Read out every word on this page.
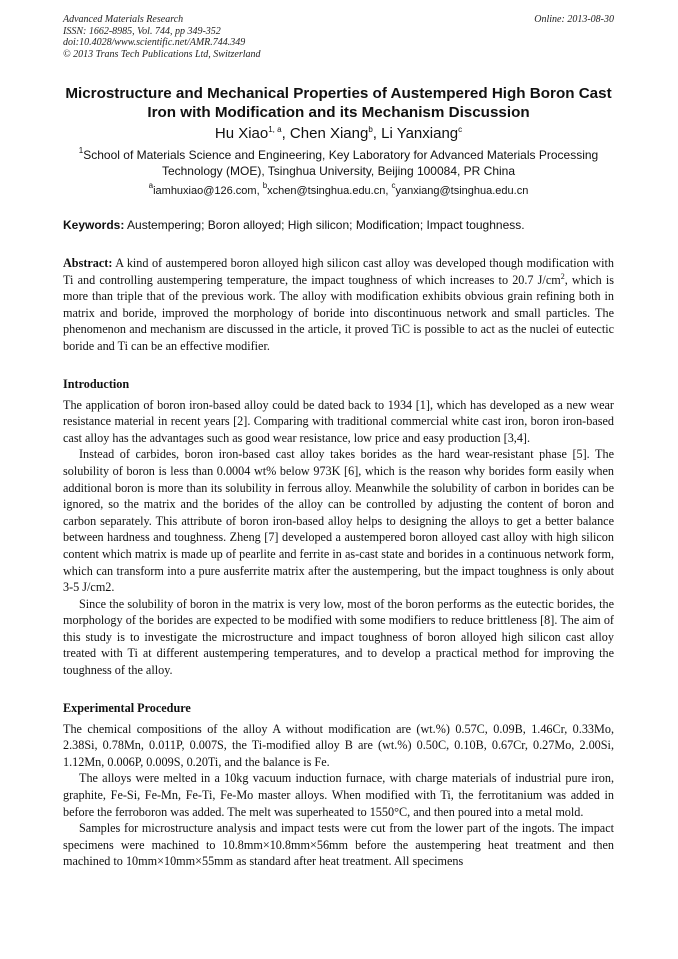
Advanced Materials Research
ISSN: 1662-8985, Vol. 744, pp 349-352
doi:10.4028/www.scientific.net/AMR.744.349
© 2013 Trans Tech Publications Ltd, Switzerland
Online: 2013-08-30
Microstructure and Mechanical Properties of Austempered High Boron Cast Iron with Modification and its Mechanism Discussion
Hu Xiao$^{1, a}$, Chen Xiang$^b$, Li Yanxiang$^c$
$^1$School of Materials Science and Engineering, Key Laboratory for Advanced Materials Processing Technology (MOE), Tsinghua University, Beijing 100084, PR China
$^a$iamhuxiao@126.com, $^b$xchen@tsinghua.edu.cn, $^c$yanxiang@tsinghua.edu.cn
Keywords: Austempering; Boron alloyed; High silicon; Modification; Impact toughness.
Abstract: A kind of austempered boron alloyed high silicon cast alloy was developed though modification with Ti and controlling austempering temperature, the impact toughness of which increases to 20.7 $J/cm^2$, which is more than triple that of the previous work. The alloy with modification exhibits obvious grain refining both in matrix and boride, improved the morphology of boride into discontinuous network and small particles. The phenomenon and mechanism are discussed in the article, it proved TiC is possible to act as the nuclei of eutectic boride and Ti can be an effective modifier.
Introduction

The application of boron iron-based alloy could be dated back to 1934 [1], which has developed as a new wear resistance material in recent years [2]. Comparing with traditional commercial white cast iron, boron iron-based cast alloy has the advantages such as good wear resistance, low price and easy production [3,4].

Instead of carbides, boron iron-based cast alloy takes borides as the hard wear-resistant phase [5]. The solubility of boron is less than 0.0004 wt% below 973K [6], which is the reason why borides form easily when additional boron is more than its solubility in ferrous alloy. Meanwhile the solubility of carbon in borides can be ignored, so the matrix and the borides of the alloy can be controlled by adjusting the content of boron and carbon separately. This attribute of boron iron-based alloy helps to designing the alloys to get a better balance between hardness and toughness. Zheng [7] developed a austempered boron alloyed cast alloy with high silicon content which matrix is made up of pearlite and ferrite in as-cast state and borides in a continuous network form, which can transform into a pure ausferrite matrix after the austempering, but the impact toughness is only about 3-5 J/cm2.

Since the solubility of boron in the matrix is very low, most of the boron performs as the eutectic borides, the morphology of the borides are expected to be modified with some modifiers to reduce brittleness [8]. The aim of this study is to investigate the microstructure and impact toughness of boron alloyed high silicon cast alloy treated with Ti at different austempering temperatures, and to develop a practical method for improving the toughness of the alloy.

Experimental Procedure

The chemical compositions of the alloy A without modification are (wt.%) 0.57C, 0.09B, 1.46Cr, 0.33Mo, 2.38Si, 0.78Mn, 0.011P, 0.007S, the Ti-modified alloy B are (wt.%) 0.50C, 0.10B, 0.67Cr, 0.27Mo, 2.00Si, 1.12Mn, 0.006P, 0.009S, 0.20Ti, and the balance is Fe.

The alloys were melted in a 10kg vacuum induction furnace, with charge materials of industrial pure iron, graphite, Fe-Si, Fe-Mn, Fe-Ti, Fe-Mo master alloys. When modified with Ti, the ferrotitanium was added in before the ferroboron was added. The melt was superheated to 1550°C, and then poured into a metal mold.

Samples for microstructure analysis and impact tests were cut from the lower part of the ingots. The impact specimens were machined to 10.8mm×10.8mm×56mm before the austempering heat treatment and then machined to 10mm×10mm×55mm as standard after heat treatment. All specimens
